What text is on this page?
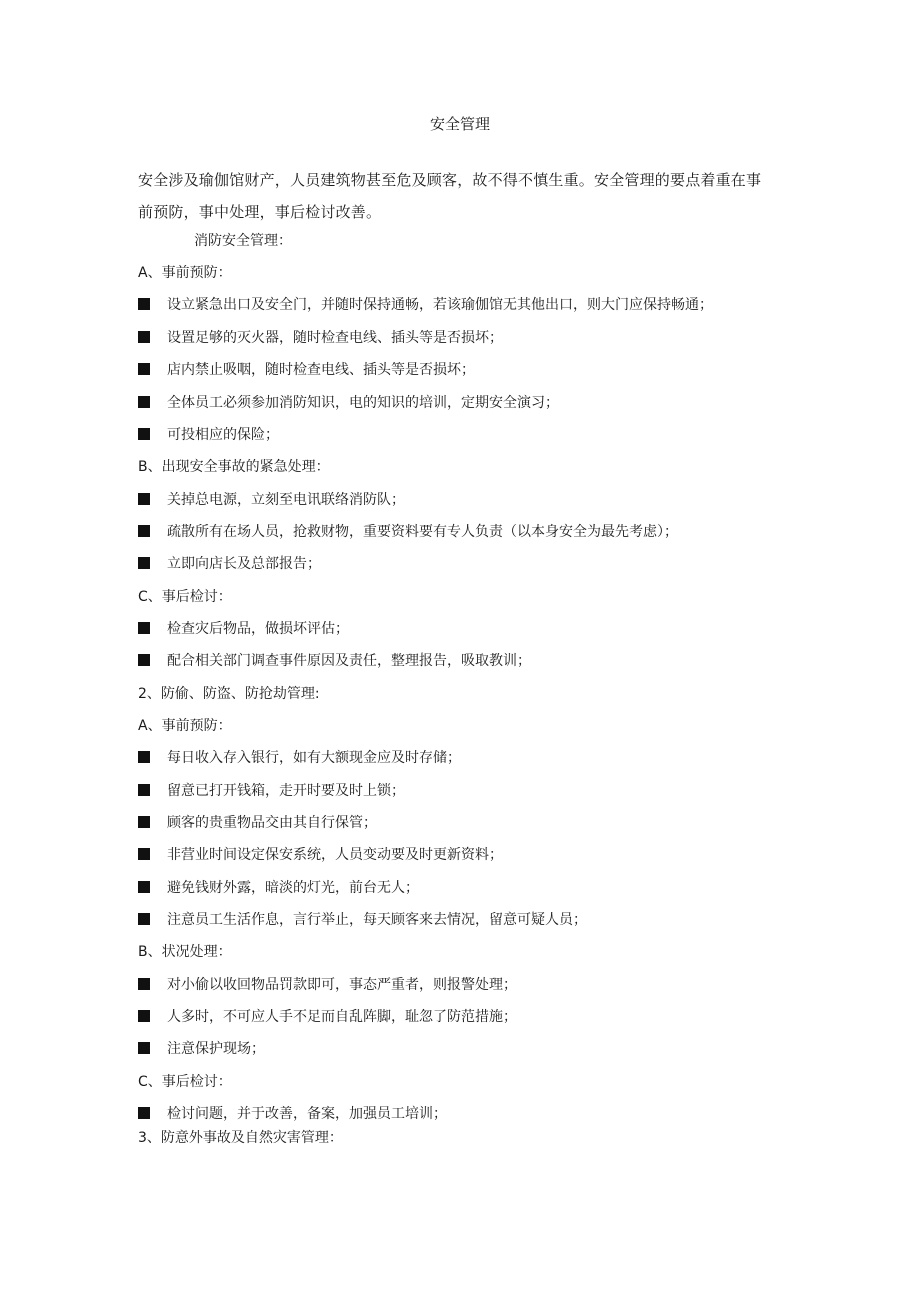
安全管理
安全涉及瑜伽馆财产，人员建筑物甚至危及顾客，故不得不慎生重。安全管理的要点着重在事
前预防，事中处理，事后检讨改善。
消防安全管理：
A、事前预防：
设立紧急出口及安全门，并随时保持通畅，若该瑜伽馆无其他出口，则大门应保持畅通；
设置足够的灭火器，随时检查电线、插头等是否损坏；
店内禁止吸咽，随时检查电线、插头等是否损坏；
全体员工必须参加消防知识，电的知识的培训，定期安全演习；
可投相应的保险；
B、出现安全事故的紧急处理：
关掉总电源，立刻至电讯联络消防队；
疏散所有在场人员，抢救财物，重要资料要有专人负责（以本身安全为最先考虑）；
立即向店长及总部报告；
C、事后检讨：
检查灾后物品，做损坏评估；
配合相关部门调查事件原因及责任，整理报告，吸取教训；
2、防偷、防盗、防抢劫管理:
A、事前预防：
每日收入存入银行，如有大额现金应及时存储；
留意已打开钱箱，走开时要及时上锁；
顾客的贵重物品交由其自行保管；
非营业时间设定保安系统，人员变动要及时更新资料；
避免钱财外露，暗淡的灯光，前台无人；
注意员工生活作息，言行举止，每天顾客来去情况，留意可疑人员；
B、状况处理：
对小偷以收回物品罚款即可，事态严重者，则报警处理；
人多时，不可应人手不足而自乱阵脚，耻忽了防范措施；
注意保护现场；
C、事后检讨：
检讨问题，并于改善，备案，加强员工培训；
3、防意外事故及自然灾害管理：
